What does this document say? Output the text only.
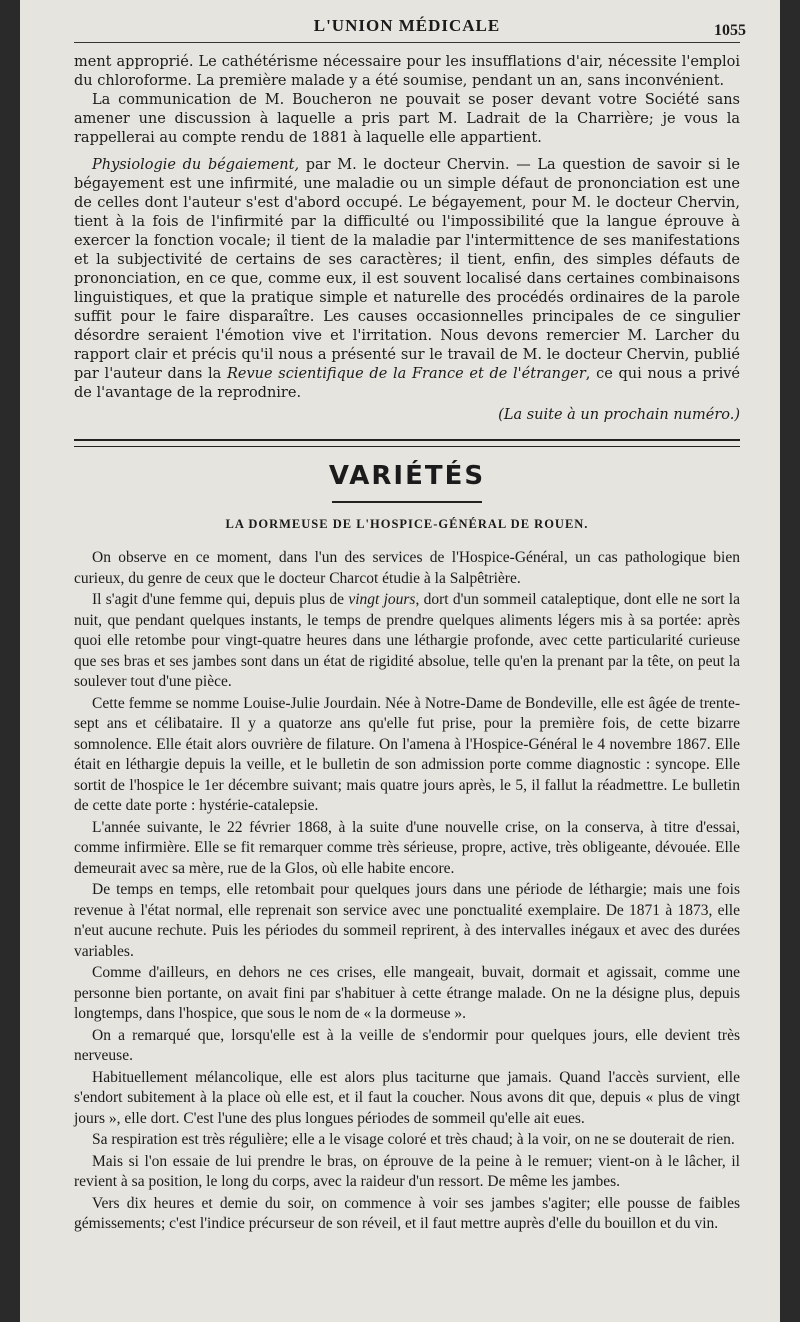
L'UNION MÉDICALE	1055

ment approprié. Le cathétérisme nécessaire pour les insufflations d'air, nécessite l'emploi du chloroforme. La première malade y a été soumise, pendant un an, sans inconvénient.

La communication de M. Boucheron ne pouvait se poser devant votre Société sans amener une discussion à laquelle a pris part M. Ladrait de la Charrière; je vous la rappellerai au compte rendu de 1881 à laquelle elle appartient.

Physiologie du bégaiement, par M. le docteur Chervin. — La question de savoir si le bégayement est une infirmité, une maladie ou un simple défaut de prononciation est une de celles dont l'auteur s'est d'abord occupé. Le bégayement, pour M. le docteur Chervin, tient à la fois de l'infirmité par la difficulté ou l'impossibilité que la langue éprouve à exercer la fonction vocale; il tient de la maladie par l'intermittence de ses manifestations et la subjectivité de certains de ses caractères; il tient, enfin, des simples défauts de prononciation, en ce que, comme eux, il est souvent localisé dans certaines combinaisons linguistiques, et que la pratique simple et naturelle des procédés ordinaires de la parole suffit pour le faire disparaître. Les causes occasionnelles principales de ce singulier désordre seraient l'émotion vive et l'irritation. Nous devons remercier M. Larcher du rapport clair et précis qu'il nous a présenté sur le travail de M. le docteur Chervin, publié par l'auteur dans la Revue scientifique de la France et de l'étranger, ce qui nous a privé de l'avantage de la reprodnire.

(La suite à un prochain numéro.)
VARIÉTÉS
LA DORMEUSE DE L'HOSPICE-GÉNÉRAL DE ROUEN.

On observe en ce moment, dans l'un des services de l'Hospice-Général, un cas pathologique bien curieux, du genre de ceux que le docteur Charcot étudie à la Salpêtrière.

Il s'agit d'une femme qui, depuis plus de vingt jours, dort d'un sommeil cataleptique, dont elle ne sort la nuit, que pendant quelques instants, le temps de prendre quelques aliments légers mis à sa portée: après quoi elle retombe pour vingt-quatre heures dans une léthargie profonde, avec cette particularité curieuse que ses bras et ses jambes sont dans un état de rigidité absolue, telle qu'en la prenant par la tête, on peut la soulever tout d'une pièce.

Cette femme se nomme Louise-Julie Jourdain. Née à Notre-Dame de Bondeville, elle est âgée de trente-sept ans et célibataire. Il y a quatorze ans qu'elle fut prise, pour la première fois, de cette bizarre somnolence. Elle était alors ouvrière de filature. On l'amena à l'Hospice-Général le 4 novembre 1867. Elle était en léthargie depuis la veille, et le bulletin de son admission porte comme diagnostic : syncope. Elle sortit de l'hospice le 1er décembre suivant; mais quatre jours après, le 5, il fallut la réadmettre. Le bulletin de cette date porte : hystérie-catalepsie.

L'année suivante, le 22 février 1868, à la suite d'une nouvelle crise, on la conserva, à titre d'essai, comme infirmière. Elle se fit remarquer comme très sérieuse, propre, active, très obligeante, dévouée. Elle demeurait avec sa mère, rue de la Glos, où elle habite encore.

De temps en temps, elle retombait pour quelques jours dans une période de léthargie; mais une fois revenue à l'état normal, elle reprenait son service avec une ponctualité exemplaire. De 1871 à 1873, elle n'eut aucune rechute. Puis les périodes du sommeil reprirent, à des intervalles inégaux et avec des durées variables.

Comme d'ailleurs, en dehors ne ces crises, elle mangeait, buvait, dormait et agissait, comme une personne bien portante, on avait fini par s'habituer à cette étrange malade. On ne la désigne plus, depuis longtemps, dans l'hospice, que sous le nom de « la dormeuse ».

On a remarqué que, lorsqu'elle est à la veille de s'endormir pour quelques jours, elle devient très nerveuse.

Habituellement mélancolique, elle est alors plus taciturne que jamais. Quand l'accès survient, elle s'endort subitement à la place où elle est, et il faut la coucher. Nous avons dit que, depuis « plus de vingt jours », elle dort. C'est l'une des plus longues périodes de sommeil qu'elle ait eues.

Sa respiration est très régulière; elle a le visage coloré et très chaud; à la voir, on ne se douterait de rien.

Mais si l'on essaie de lui prendre le bras, on éprouve de la peine à le remuer; vient-on à le lâcher, il revient à sa position, le long du corps, avec la raideur d'un ressort. De même les jambes.

Vers dix heures et demie du soir, on commence à voir ses jambes s'agiter; elle pousse de faibles gémissements; c'est l'indice précurseur de son réveil, et il faut mettre auprès d'elle du bouillon et du vin.
